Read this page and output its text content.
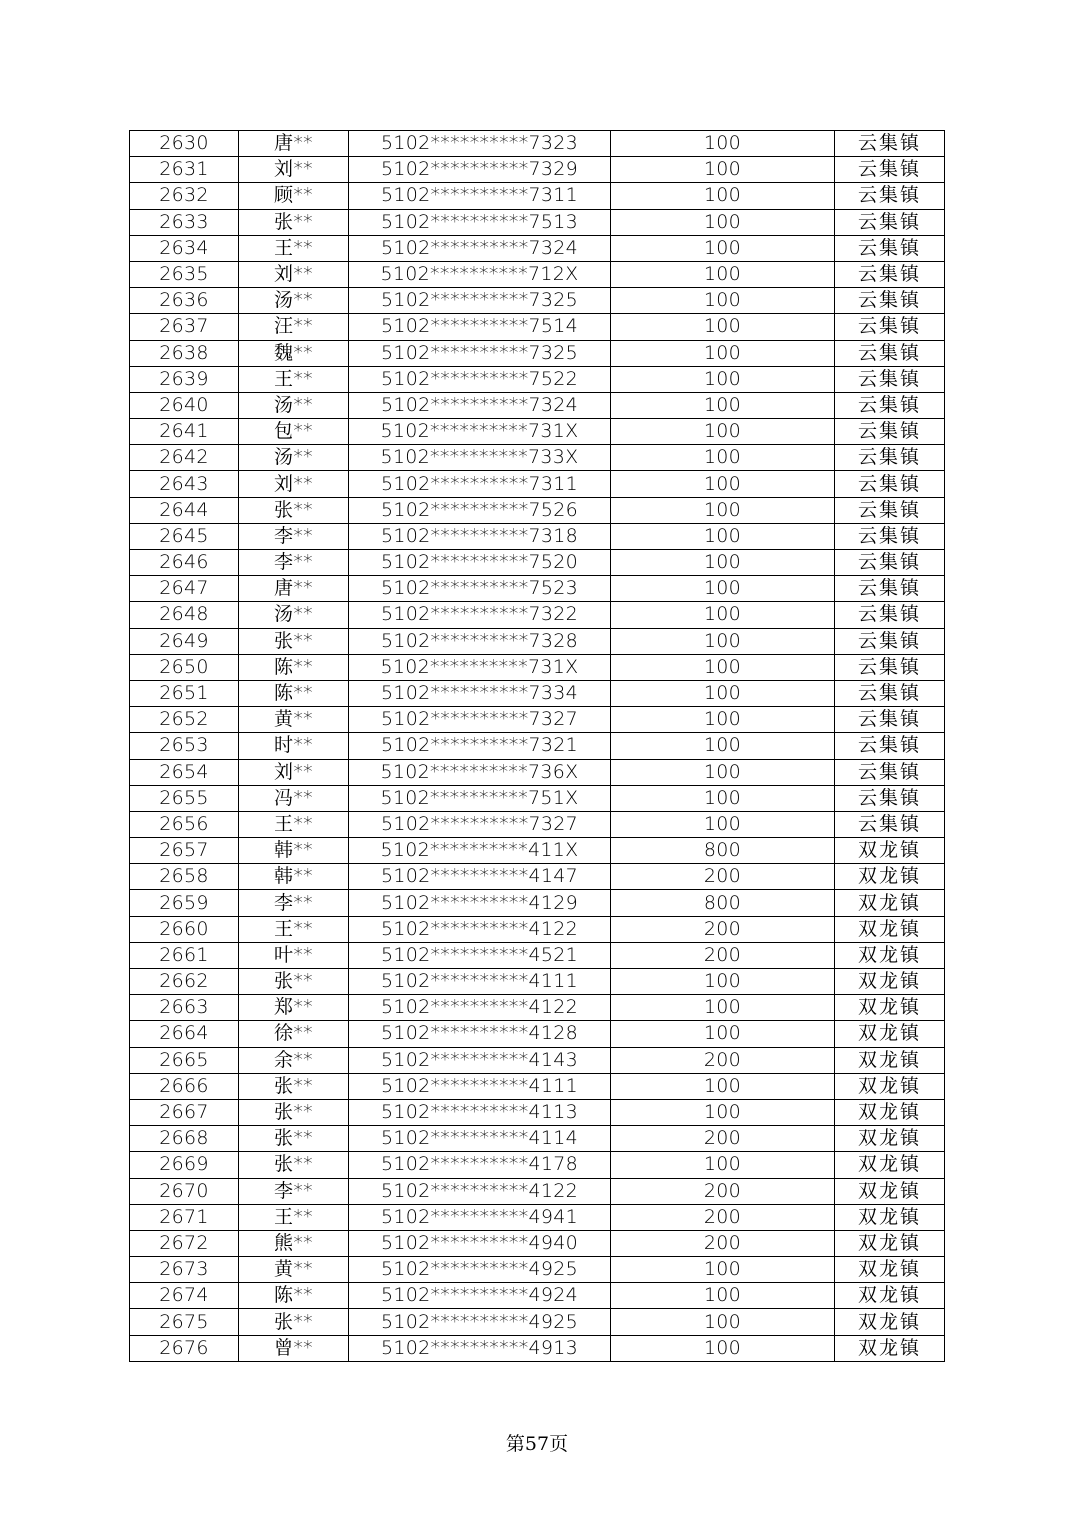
2630	唐**	5102**********7323	100	云集镇
2631	刘**	5102**********7329	100	云集镇
2632	顾**	5102**********7311	100	云集镇
2633	张**	5102**********7513	100	云集镇
2634	王**	5102**********7324	100	云集镇
2635	刘**	5102**********712X	100	云集镇
2636	汤**	5102**********7325	100	云集镇
2637	汪**	5102**********7514	100	云集镇
2638	魏**	5102**********7325	100	云集镇
2639	王**	5102**********7522	100	云集镇
2640	汤**	5102**********7324	100	云集镇
2641	包**	5102**********731X	100	云集镇
2642	汤**	5102**********733X	100	云集镇
2643	刘**	5102**********7311	100	云集镇
2644	张**	5102**********7526	100	云集镇
2645	李**	5102**********7318	100	云集镇
2646	李**	5102**********7520	100	云集镇
2647	唐**	5102**********7523	100	云集镇
2648	汤**	5102**********7322	100	云集镇
2649	张**	5102**********7328	100	云集镇
2650	陈**	5102**********731X	100	云集镇
2651	陈**	5102**********7334	100	云集镇
2652	黄**	5102**********7327	100	云集镇
2653	时**	5102**********7321	100	云集镇
2654	刘**	5102**********736X	100	云集镇
2655	冯**	5102**********751X	100	云集镇
2656	王**	5102**********7327	100	云集镇
2657	韩**	5102**********411X	800	双龙镇
2658	韩**	5102**********4147	200	双龙镇
2659	李**	5102**********4129	800	双龙镇
2660	王**	5102**********4122	200	双龙镇
2661	叶**	5102**********4521	200	双龙镇
2662	张**	5102**********4111	100	双龙镇
2663	郑**	5102**********4122	100	双龙镇
2664	徐**	5102**********4128	100	双龙镇
2665	余**	5102**********4143	200	双龙镇
2666	张**	5102**********4111	100	双龙镇
2667	张**	5102**********4113	100	双龙镇
2668	张**	5102**********4114	200	双龙镇
2669	张**	5102**********4178	100	双龙镇
2670	李**	5102**********4122	200	双龙镇
2671	王**	5102**********4941	200	双龙镇
2672	熊**	5102**********4940	200	双龙镇
2673	黄**	5102**********4925	100	双龙镇
2674	陈**	5102**********4924	100	双龙镇
2675	张**	5102**********4925	100	双龙镇
2676	曾**	5102**********4913	100	双龙镇
第57页
